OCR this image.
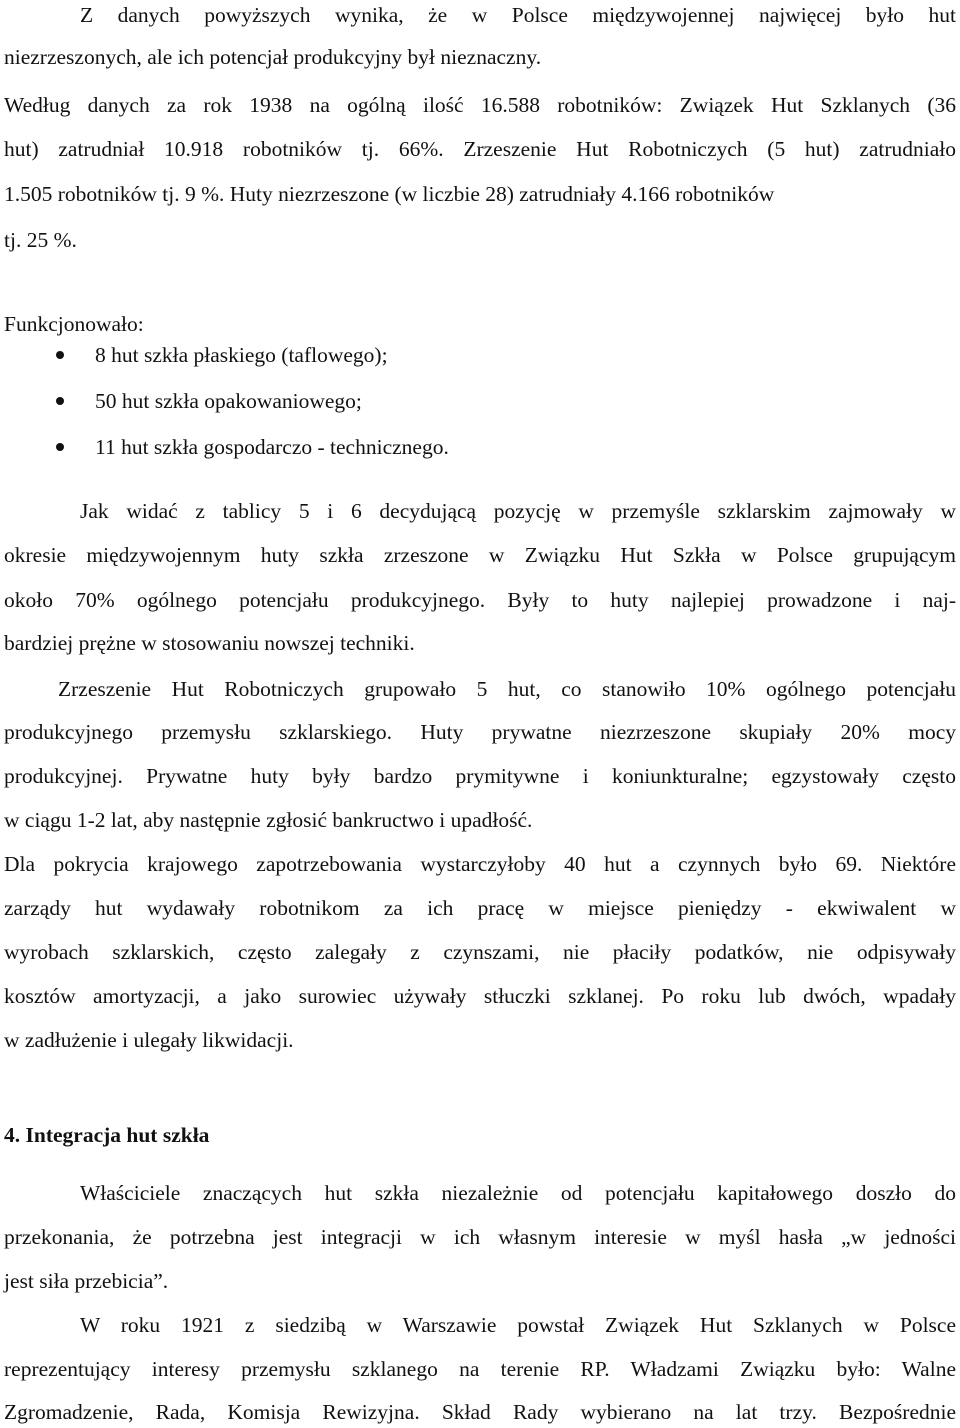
Z danych powyższych wynika, że w Polsce międzywojennej najwięcej było hut
niezrzeszonych, ale ich potencjał produkcyjny był nieznaczny.
Według danych za rok 1938 na ogólną ilość 16.588 robotników: Związek Hut Szklanych (36
hut) zatrudniał 10.918 robotników tj. 66%. Zrzeszenie Hut Robotniczych (5 hut) zatrudniało
1.505 robotników tj. 9 %. Huty niezrzeszone (w liczbie 28) zatrudniały 4.166 robotników
tj. 25 %.
Funkcjonowało:
8 hut szkła płaskiego (taflowego);
50 hut szkła opakowaniowego;
11 hut szkła gospodarczo - technicznego.
Jak widać z tablicy 5 i 6 decydującą pozycję w przemyśle szklarskim zajmowały w
okresie międzywojennym huty szkła zrzeszone w Związku Hut Szkła w Polsce grupującym
około 70% ogólnego potencjału produkcyjnego. Były to huty najlepiej prowadzone i naj-
bardziej prężne w stosowaniu nowszej techniki.
Zrzeszenie Hut Robotniczych grupowało 5 hut, co stanowiło 10% ogólnego potencjału
produkcyjnego przemysłu szklarskiego. Huty prywatne niezrzeszone skupiały 20% mocy
produkcyjnej. Prywatne huty były bardzo prymitywne i koniunkturalne; egzystowały często
w ciągu 1-2 lat, aby następnie zgłosić bankructwo i upadłość.
Dla pokrycia krajowego zapotrzebowania wystarczyłoby 40 hut a czynnych było 69. Niektóre
zarządy hut wydawały robotnikom za ich pracę w miejsce pieniędzy - ekwiwalent w
wyrobach szklarskich, często zalegały z czynszami, nie płaciły podatków, nie odpisywały
kosztów amortyzacji, a jako surowiec używały stłuczki szklanej. Po roku lub dwóch, wpadały
w zadłużenie i ulegały likwidacji.
4. Integracja hut szkła
Właściciele znaczących hut szkła niezależnie od potencjału kapitałowego doszło do
przekonania, że potrzebna jest integracji w ich własnym interesie w myśl hasła „w jedności
jest siła przebicia”.
W roku 1921 z siedzibą w Warszawie powstał Związek Hut Szklanych w Polsce
reprezentujący interesy przemysłu szklanego na terenie RP. Władzami Związku było: Walne
Zgromadzenie, Rada, Komisja Rewizyjna. Skład Rady wybierano na lat trzy. Bezpośrednie
